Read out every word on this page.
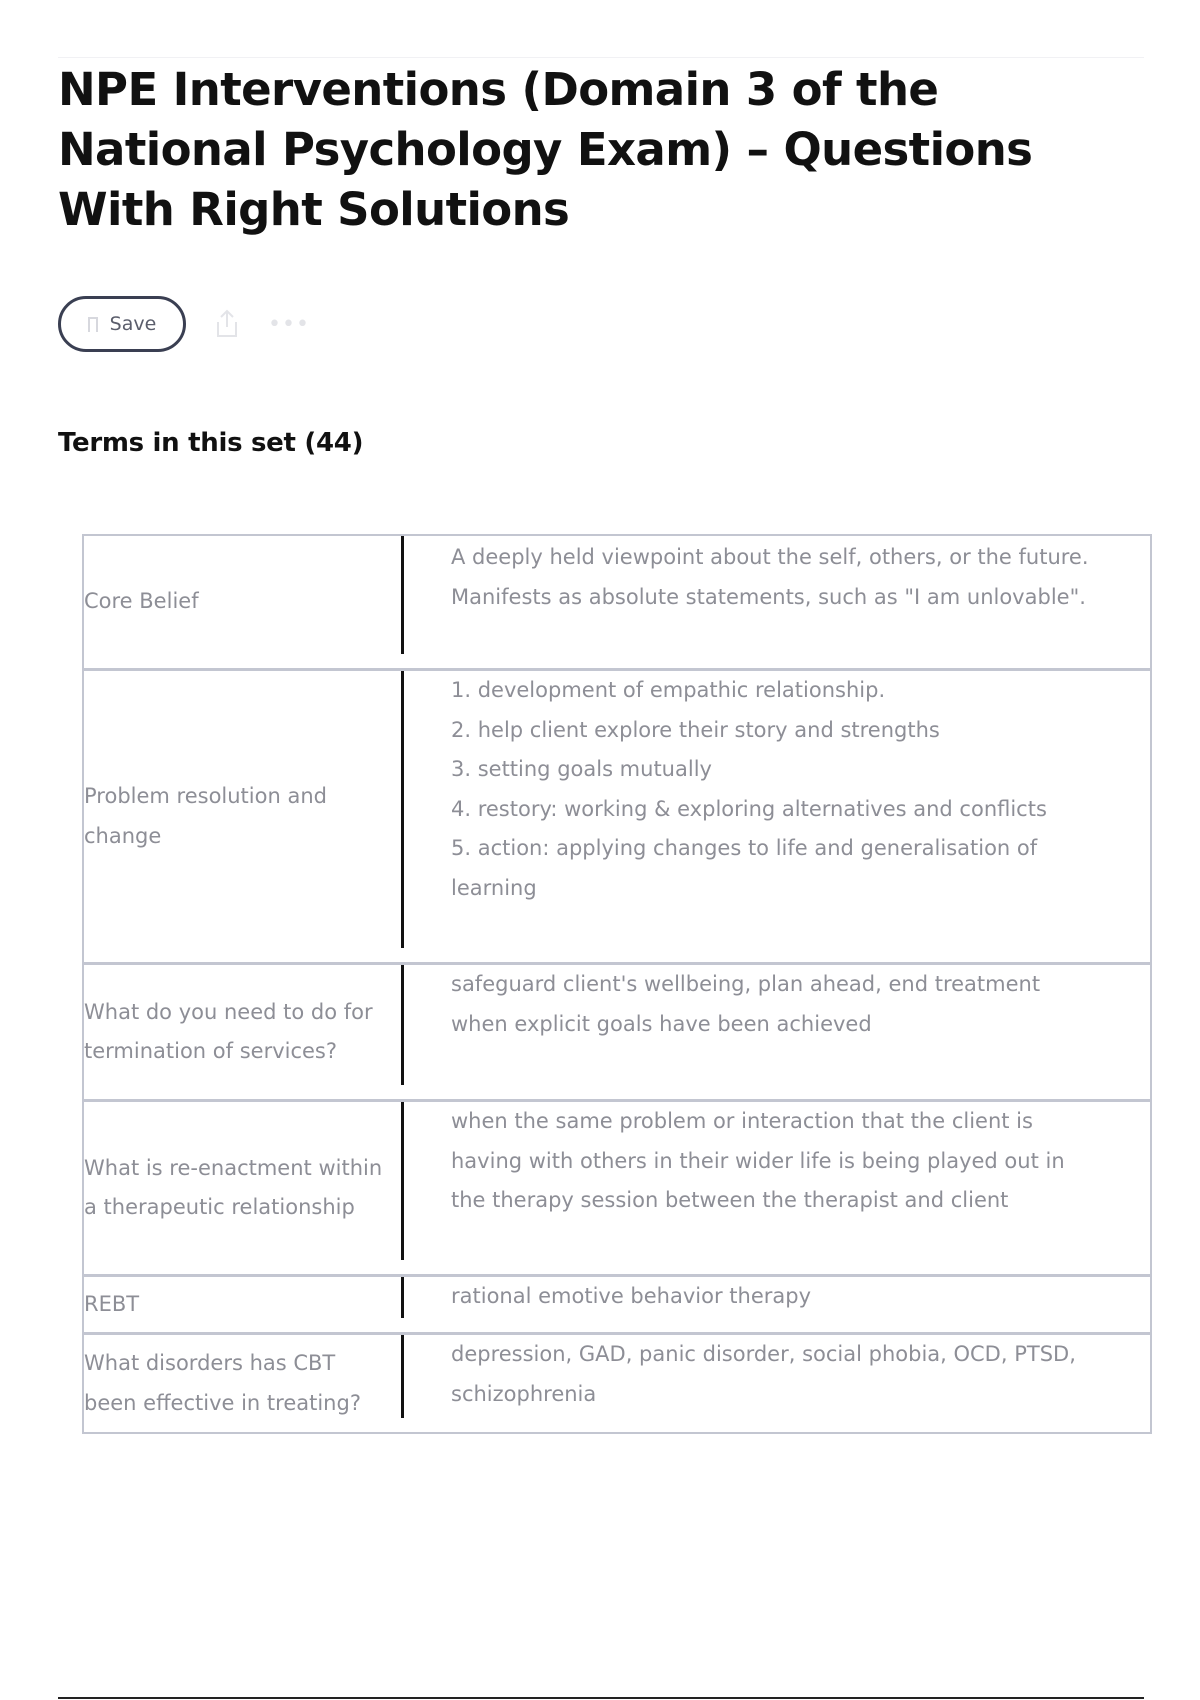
NPE Interventions (Domain 3 of the National Psychology Exam) – Questions With Right Solutions
Save	•••
Terms in this set (44)
Core Belief
A deeply held viewpoint about the self, others, or the future. Manifests as absolute statements, such as "I am unlovable".
Problem resolution and change
1. development of empathic relationship.
2. help client explore their story and strengths
3. setting goals mutually
4. restory: working & exploring alternatives and conflicts
5. action: applying changes to life and generalisation of learning
What do you need to do for termination of services?
safeguard client's wellbeing, plan ahead, end treatment when explicit goals have been achieved
What is re-enactment within a therapeutic relationship
when the same problem or interaction that the client is having with others in their wider life is being played out in the therapy session between the therapist and client
REBT	rational emotive behavior therapy
What disorders has CBT been effective in treating?
depression, GAD, panic disorder, social phobia, OCD, PTSD, schizophrenia
